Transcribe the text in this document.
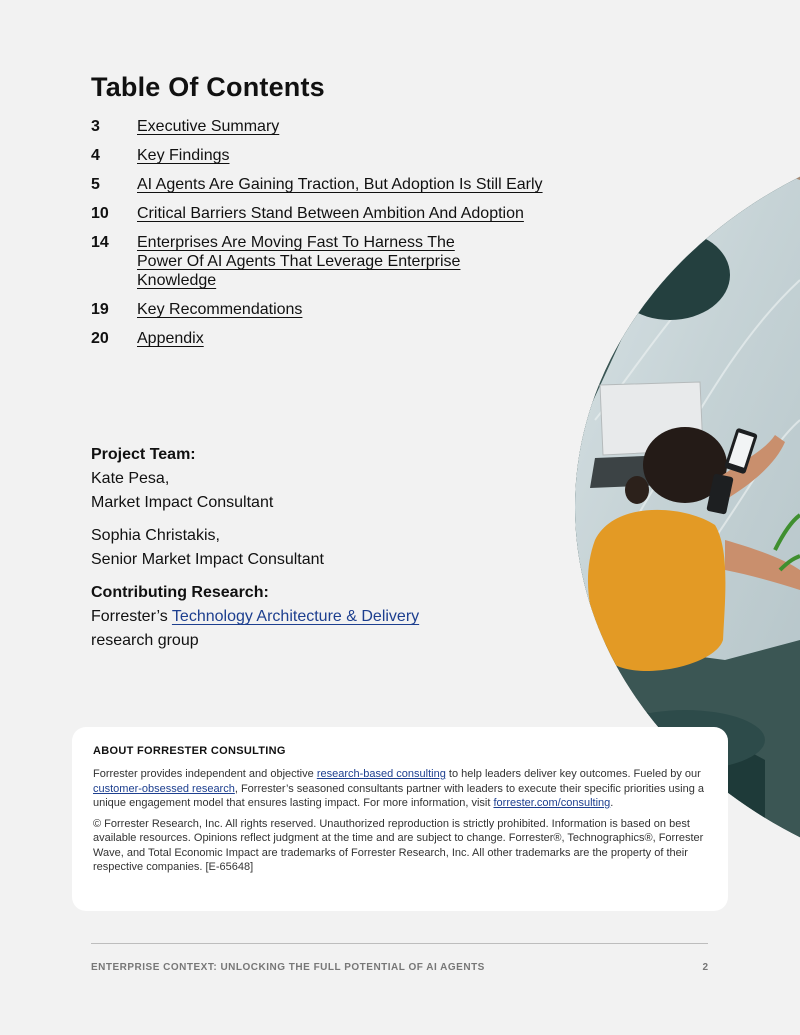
Table Of Contents
3	Executive Summary
4	Key Findings
5	AI Agents Are Gaining Traction, But Adoption Is Still Early
10	Critical Barriers Stand Between Ambition And Adoption
14	Enterprises Are Moving Fast To Harness The Power Of AI Agents That Leverage Enterprise Knowledge
19	Key Recommendations
20	Appendix
Project Team:
Kate Pesa,
Market Impact Consultant
Sophia Christakis,
Senior Market Impact Consultant
Contributing Research:
Forrester’s Technology Architecture & Delivery
research group
ABOUT FORRESTER CONSULTING

Forrester provides independent and objective research-based consulting to help leaders deliver key outcomes. Fueled by our customer-obsessed research, Forrester’s seasoned consultants partner with leaders to execute their specific priorities using a unique engagement model that ensures lasting impact. For more information, visit forrester.com/consulting.

© Forrester Research, Inc. All rights reserved. Unauthorized reproduction is strictly prohibited. Information is based on best available resources. Opinions reflect judgment at the time and are subject to change. Forrester®, Technographics®, Forrester Wave, and Total Economic Impact are trademarks of Forrester Research, Inc. All other trademarks are the property of their respective companies. [E-65648]

ENTERPRISE CONTEXT: UNLOCKING THE FULL POTENTIAL OF AI AGENTS	2
